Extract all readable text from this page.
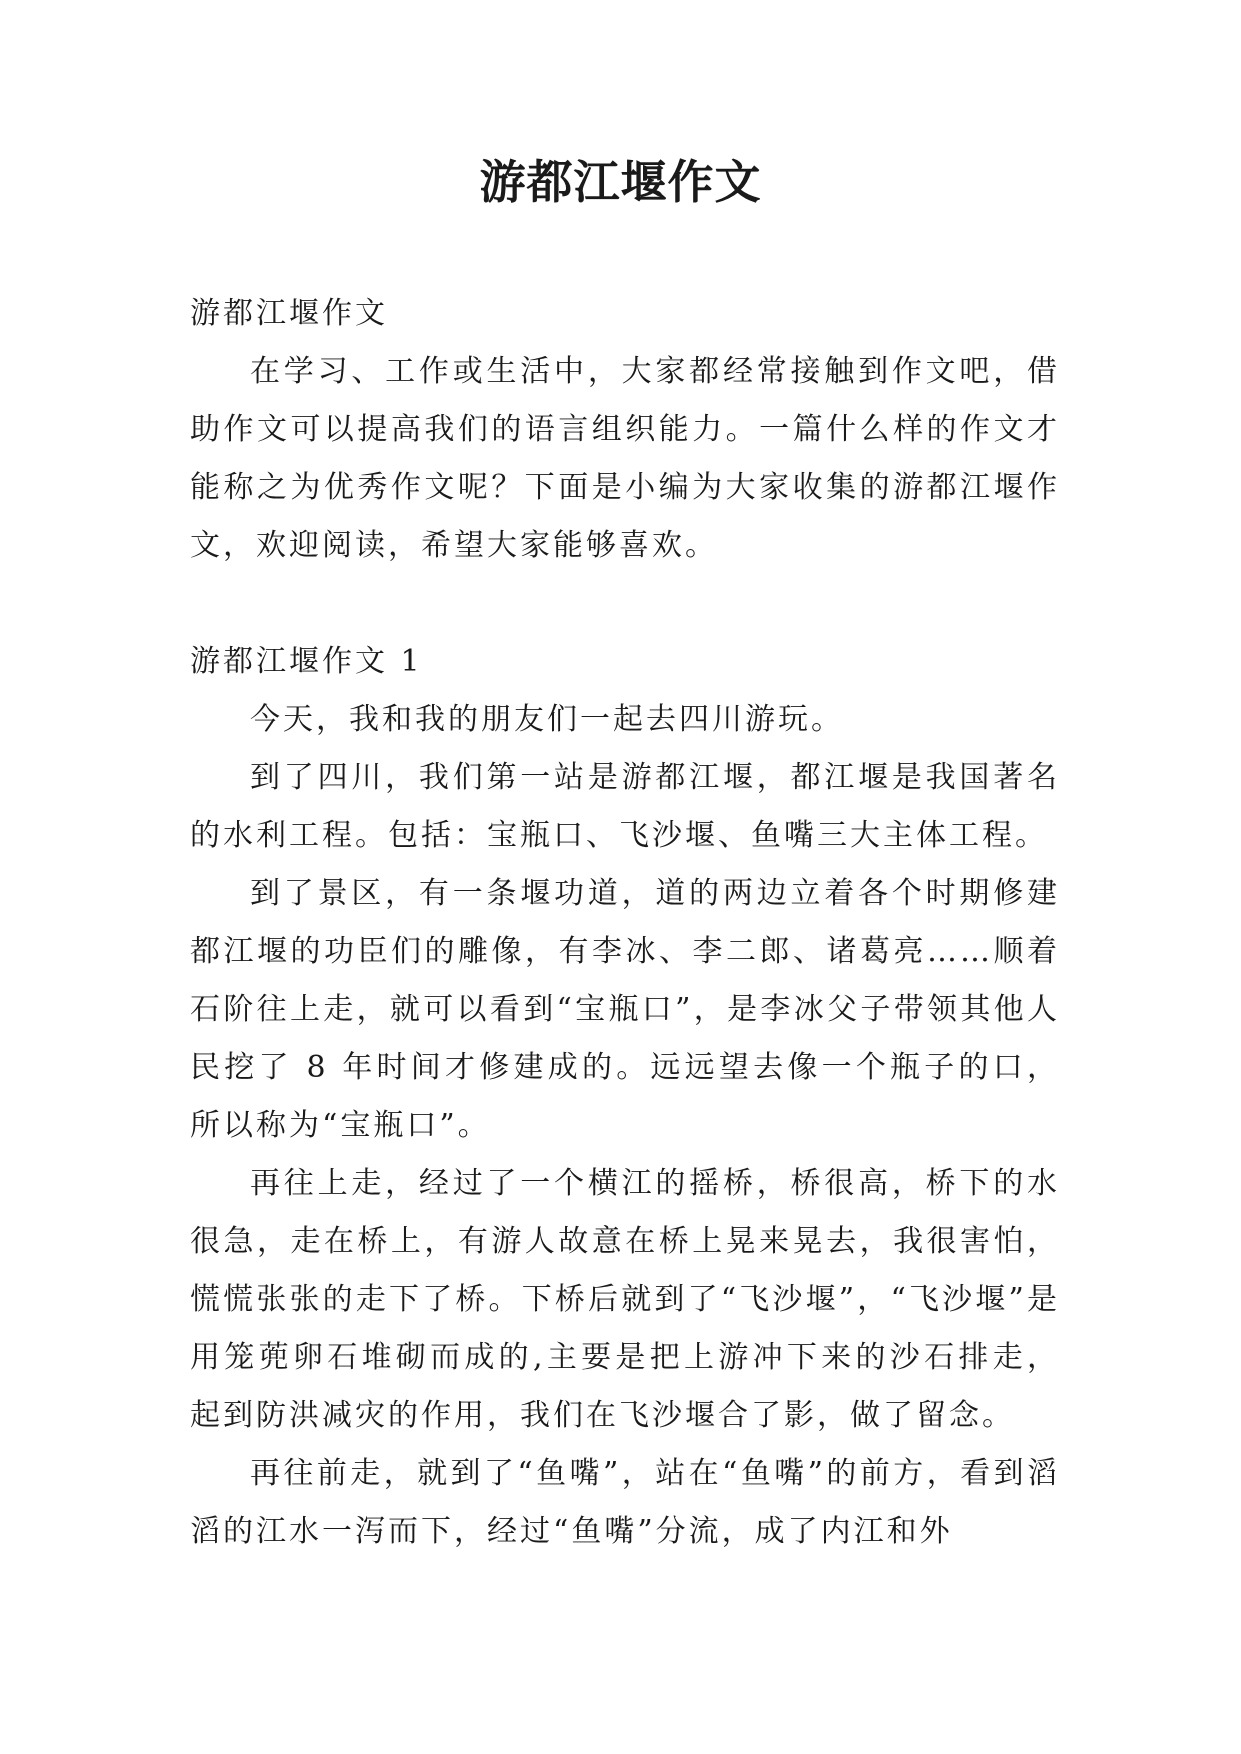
游都江堰作文

游都江堰作文

在学习、工作或生活中，大家都经常接触到作文吧，借助作文可以提高我们的语言组织能力。一篇什么样的作文才能称之为优秀作文呢？下面是小编为大家收集的游都江堰作文，欢迎阅读，希望大家能够喜欢。

游都江堰作文 1

今天，我和我的朋友们一起去四川游玩。

到了四川，我们第一站是游都江堰，都江堰是我国著名的水利工程。包括：宝瓶口、飞沙堰、鱼嘴三大主体工程。

到了景区，有一条堰功道，道的两边立着各个时期修建都江堰的功臣们的雕像，有李冰、李二郎、诸葛亮……顺着石阶往上走，就可以看到“宝瓶口”，是李冰父子带领其他人民挖了 8 年时间才修建成的。远远望去像一个瓶子的口，所以称为“宝瓶口”。

再往上走，经过了一个横江的摇桥，桥很高，桥下的水很急，走在桥上，有游人故意在桥上晃来晃去，我很害怕，慌慌张张的走下了桥。下桥后就到了“飞沙堰”，“飞沙堰”是用笼蔸卵石堆砌而成的,主要是把上游冲下来的沙石排走，起到防洪减灾的作用，我们在飞沙堰合了影，做了留念。

再往前走，就到了“鱼嘴”，站在“鱼嘴”的前方，看到滔滔的江水一泻而下，经过“鱼嘴”分流，成了内江和外
